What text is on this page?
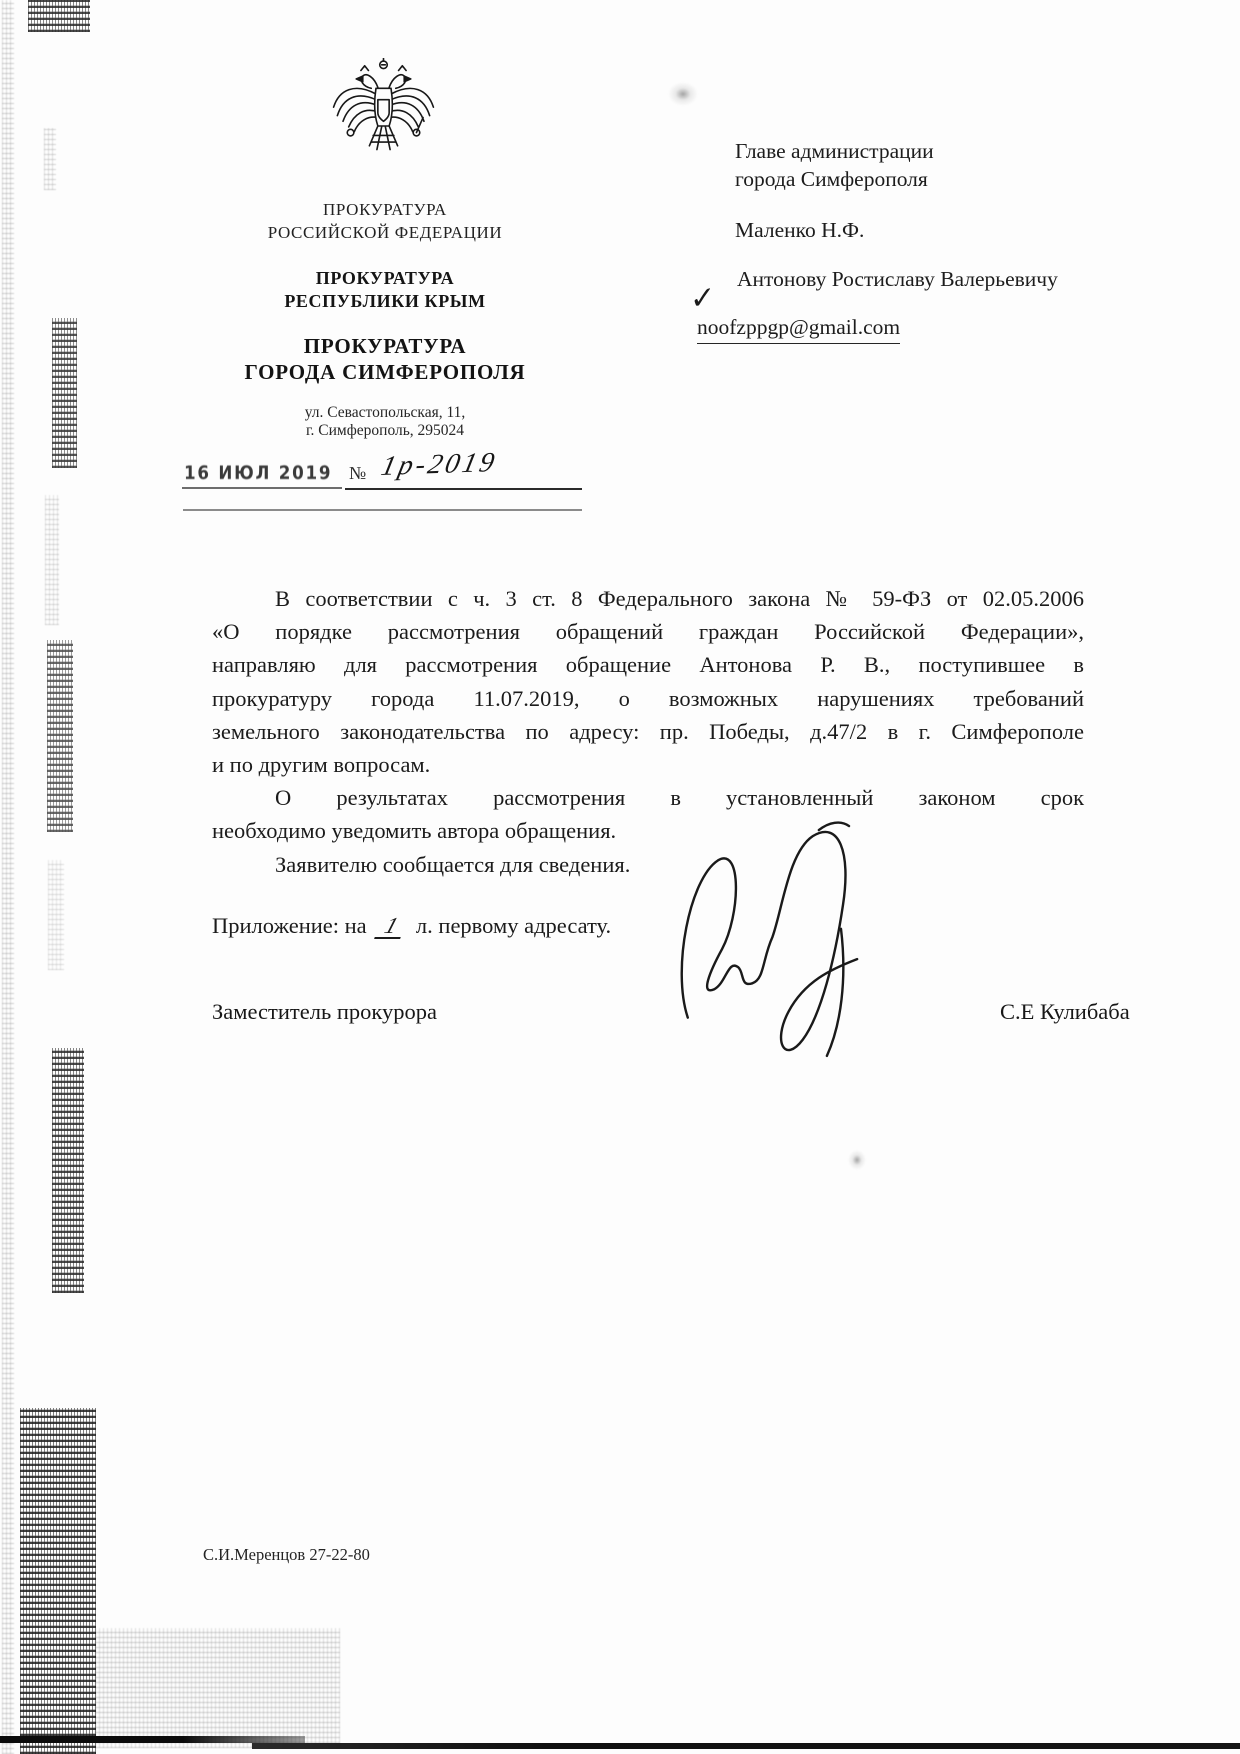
ПРОКУРАТУРА
РОССИЙСКОЙ ФЕДЕРАЦИИ
ПРОКУРАТУРА
РЕСПУБЛИКИ КРЫМ
ПРОКУРАТУРА
ГОРОДА СИМФЕРОПОЛЯ
ул. Севастопольская, 11,
г. Симферополь, 295024
16 ИЮЛ 2019 № 1р-2019
Главе администрации
города Симферополя
Маленко Н.Ф.
Антонову Ростиславу Валерьевичу
✓
noofzppgp@gmail.com
В соответствии с ч. 3 ст. 8 Федерального закона № 59-ФЗ от 02.05.2006
«О порядке рассмотрения обращений граждан Российской Федерации»,
направляю для рассмотрения обращение Антонова Р. В., поступившее в
прокуратуру города 11.07.2019, о возможных нарушениях требований
земельного законодательства по адресу: пр. Победы, д.47/2 в г. Симферополе
и по другим вопросам.
О результатах рассмотрения в установленный законом срок
необходимо уведомить автора обращения.
Заявителю сообщается для сведения.
Приложение: на 1 л. первому адресату.
Заместитель прокурора	С.Е Кулибаба
С.И.Меренцов 27-22-80
